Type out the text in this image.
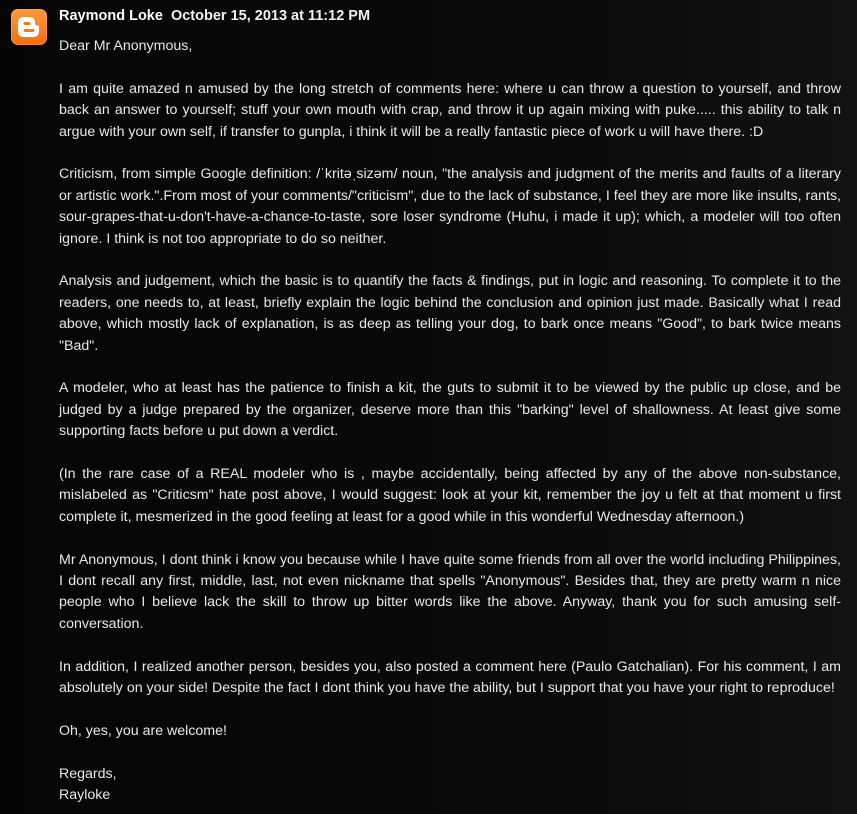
Raymond Loke October 15, 2013 at 11:12 PM

Dear Mr Anonymous,

I am quite amazed n amused by the long stretch of comments here: where u can throw a question to yourself, and throw back an answer to yourself; stuff your own mouth with crap, and throw it up again mixing with puke..... this ability to talk n argue with your own self, if transfer to gunpla, i think it will be a really fantastic piece of work u will have there. :D

Criticism, from simple Google definition: /ˈkritəˌsizəm/ noun, "the analysis and judgment of the merits and faults of a literary or artistic work.".From most of your comments/"criticism", due to the lack of substance, I feel they are more like insults, rants, sour-grapes-that-u-don't-have-a-chance-to-taste, sore loser syndrome (Huhu, i made it up); which, a modeler will too often ignore. I think is not too appropriate to do so neither.

Analysis and judgement, which the basic is to quantify the facts & findings, put in logic and reasoning. To complete it to the readers, one needs to, at least, briefly explain the logic behind the conclusion and opinion just made. Basically what I read above, which mostly lack of explanation, is as deep as telling your dog, to bark once means "Good", to bark twice means "Bad".

A modeler, who at least has the patience to finish a kit, the guts to submit it to be viewed by the public up close, and be judged by a judge prepared by the organizer, deserve more than this "barking" level of shallowness. At least give some supporting facts before u put down a verdict.

(In the rare case of a REAL modeler who is , maybe accidentally, being affected by any of the above non-substance, mislabeled as "Criticsm" hate post above, I would suggest: look at your kit, remember the joy u felt at that moment u first complete it, mesmerized in the good feeling at least for a good while in this wonderful Wednesday afternoon.)

Mr Anonymous, I dont think i know you because while I have quite some friends from all over the world including Philippines, I dont recall any first, middle, last, not even nickname that spells "Anonymous". Besides that, they are pretty warm n nice people who I believe lack the skill to throw up bitter words like the above. Anyway, thank you for such amusing self-conversation.

In addition, I realized another person, besides you, also posted a comment here (Paulo Gatchalian). For his comment, I am absolutely on your side! Despite the fact I dont think you have the ability, but I support that you have your right to reproduce!

Oh, yes, you are welcome!

Regards,
Rayloke
